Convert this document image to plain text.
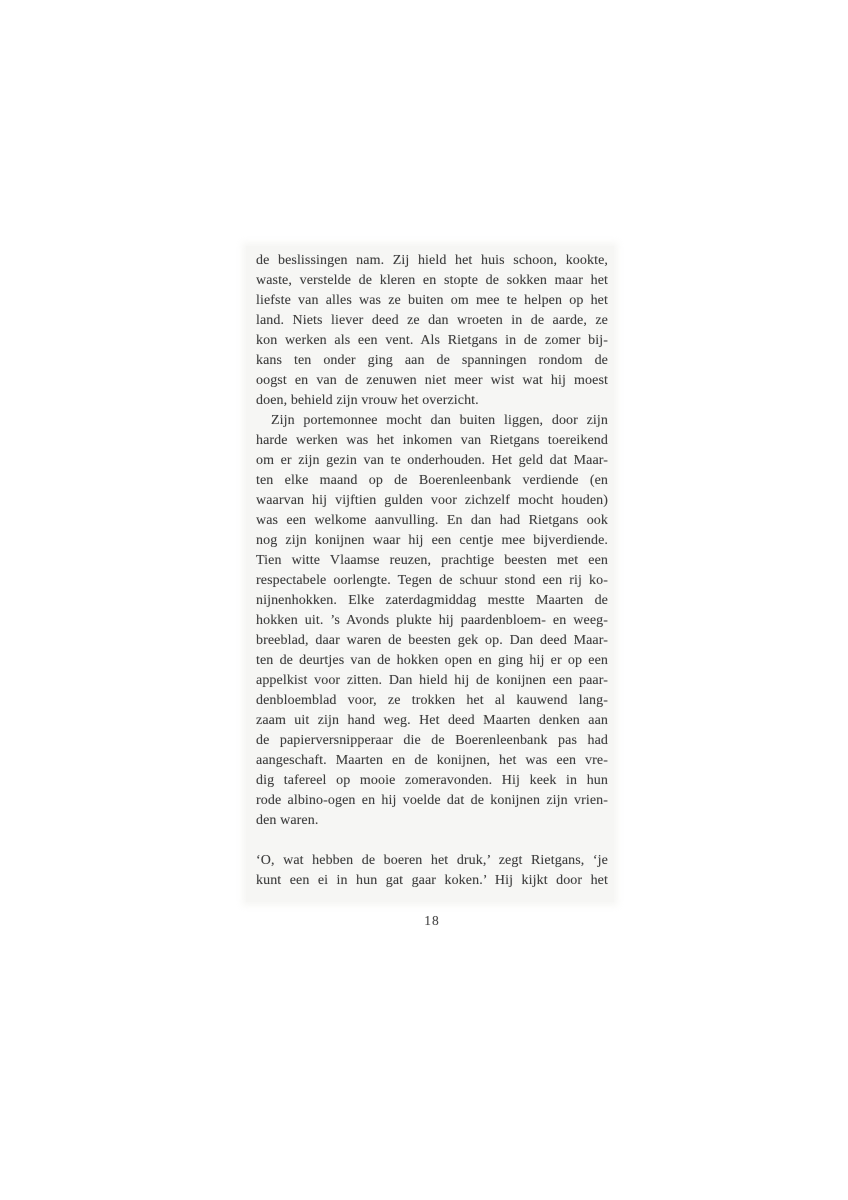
de beslissingen nam. Zij hield het huis schoon, kookte,
waste, verstelde de kleren en stopte de sokken maar het
liefste van alles was ze buiten om mee te helpen op het
land. Niets liever deed ze dan wroeten in de aarde, ze
kon werken als een vent. Als Rietgans in de zomer bij-
kans ten onder ging aan de spanningen rondom de
oogst en van de zenuwen niet meer wist wat hij moest
doen, behield zijn vrouw het overzicht.
Zijn portemonnee mocht dan buiten liggen, door zijn
harde werken was het inkomen van Rietgans toereikend
om er zijn gezin van te onderhouden. Het geld dat Maar-
ten elke maand op de Boerenleenbank verdiende (en
waarvan hij vijftien gulden voor zichzelf mocht houden)
was een welkome aanvulling. En dan had Rietgans ook
nog zijn konijnen waar hij een centje mee bijverdiende.
Tien witte Vlaamse reuzen, prachtige beesten met een
respectabele oorlengte. Tegen de schuur stond een rij ko-
nijnenhokken. Elke zaterdagmiddag mestte Maarten de
hokken uit. ’s Avonds plukte hij paardenbloem- en weeg-
breeblad, daar waren de beesten gek op. Dan deed Maar-
ten de deurtjes van de hokken open en ging hij er op een
appelkist voor zitten. Dan hield hij de konijnen een paar-
denbloemblad voor, ze trokken het al kauwend lang-
zaam uit zijn hand weg. Het deed Maarten denken aan
de papierversnipperaar die de Boerenleenbank pas had
aangeschaft. Maarten en de konijnen, het was een vre-
dig tafereel op mooie zomeravonden. Hij keek in hun
rode albino-ogen en hij voelde dat de konijnen zijn vrien-
den waren.
‘O, wat hebben de boeren het druk,’ zegt Rietgans, ‘je
kunt een ei in hun gat gaar koken.’ Hij kijkt door het
18
